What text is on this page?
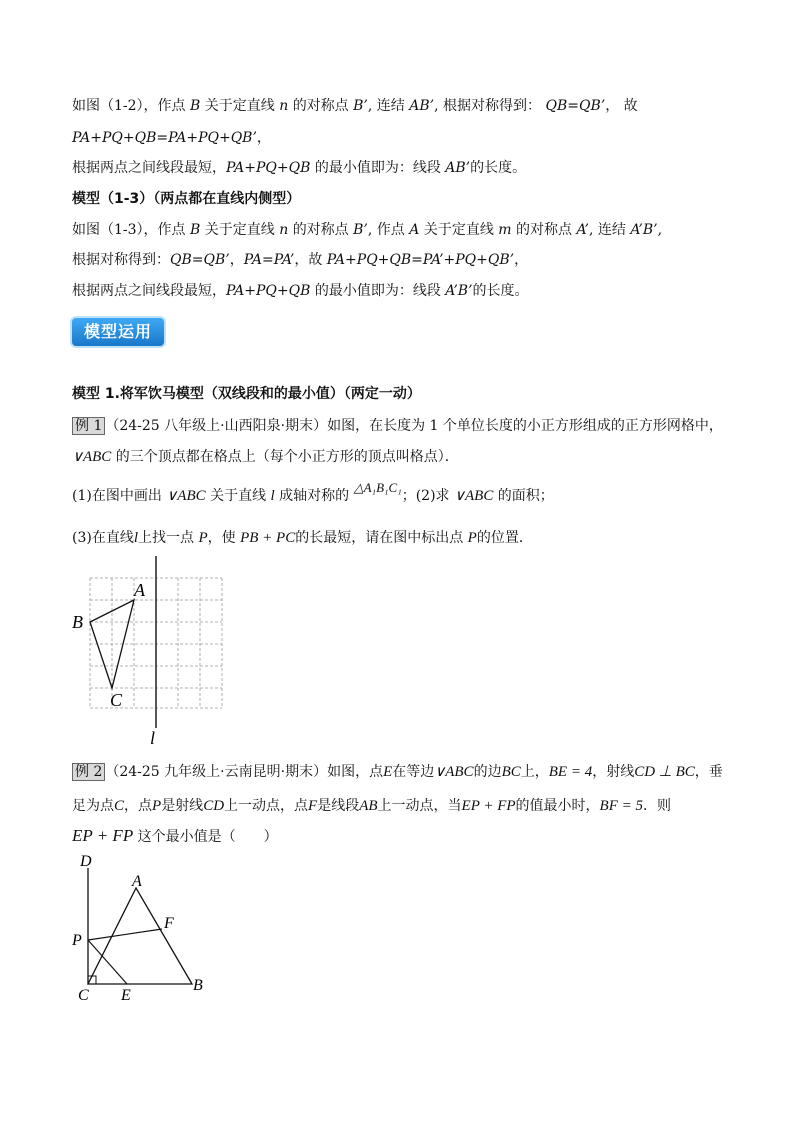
如图（1-2），作点 B 关于定直线 n 的对称点 B’, 连结 AB’, 根据对称得到： QB=QB’， 故
PA+PQ+QB=PA+PQ+QB’，
根据两点之间线段最短，PA+PQ+QB 的最小值即为：线段 AB’的长度。
模型（1-3）（两点都在直线内侧型）
如图（1-3），作点 B 关于定直线 n 的对称点 B’, 作点 A 关于定直线 m 的对称点 A’, 连结 A’B’,
根据对称得到：QB=QB’，PA=PA’，故 PA+PQ+QB=PA’+PQ+QB’，
根据两点之间线段最短，PA+PQ+QB 的最小值即为：线段 A’B’的长度。
模型运用
模型 1.将军饮马模型（双线段和的最小值）（两定一动）
例 1 （24-25 八年级上·山西阳泉·期末）如图，在长度为 1 个单位长度的小正方形组成的正方形网格中，
∨ABC 的三个顶点都在格点上（每个小正方形的顶点叫格点）．
(1)在图中画出 ∨ABC 关于直线 l 成轴对称的 △A₁B₁C₁；(2)求 ∨ABC 的面积；
(3)在直线l上找一点 P，使 PB + PC的长最短，请在图中标出点 P的位置．
A
B
C
l
例 2 （24-25 九年级上·云南昆明·期末）如图，点E在等边∨ABC的边BC上，BE = 4，射线CD ⊥ BC，垂
足为点C，点P是射线CD上一动点，点F是线段AB上一动点，当EP + FP的值最小时，BF = 5．则
EP + FP 这个最小值是（　　）
D
A
F
P
C E
B
